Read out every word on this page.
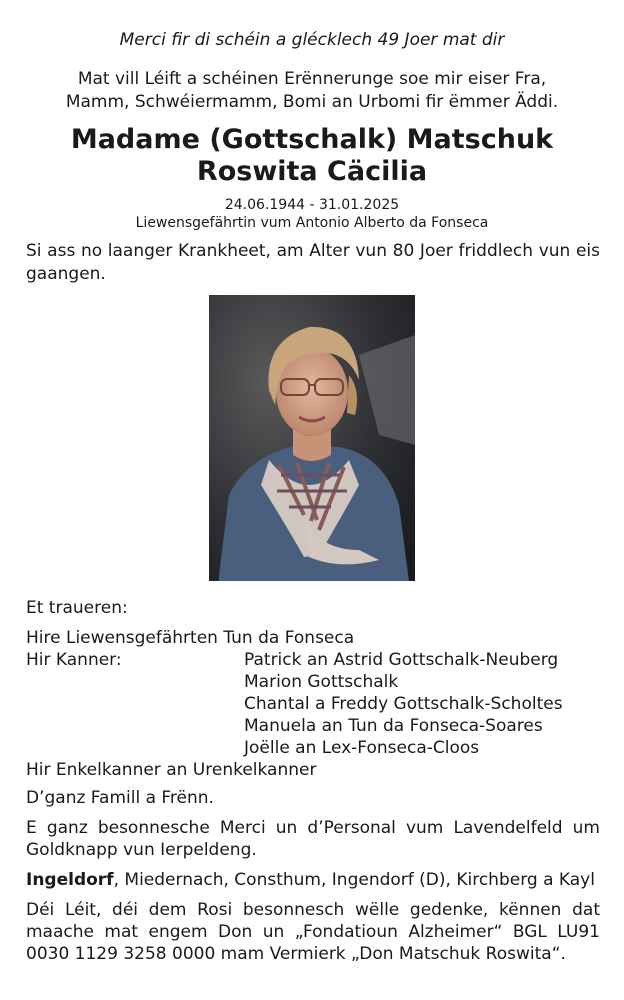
Merci fir di schéin a gléckl​ech 49 Joer mat dir
Mat vill Léift a schéinen Erënnerunge soe mir eiser Fra,
Mamm, Schwéiermamm, Bomi an Urbomi fir ëmmer Äddi.
Madame (Gottschalk) Matschuk
Roswita Cäcilia
24.06.1944 - 31.01.2025
Liewensgefährtin vum Antonio Alberto da Fonseca
Si ass no laanger Krankheet, am Alter vun 80 Joer friddlech vun eis gaangen.
Et traueren:
Hire Liewensgefährten Tun da Fonseca
Hir Kanner:	Patrick an Astrid Gottschalk-Neuberg
Marion Gottschalk
Chantal a Freddy Gottschalk-Scholtes
Manuela an Tun da Fonseca-Soares
Joëlle an Lex-Fonseca-Cloos
Hir Enkelkanner an Urenkelkanner
D’ganz Famill a Frënn.
E ganz besonnesche Merci un d’Personal vum Lavendelfeld um Goldknapp vun Ierpeldeng.
Ingeldorf, Miedernach, Consthum, Ingendorf (D), Kirchberg a Kayl
Déi Léit, déi dem Rosi besonnesch wëlle gedenke, kënnen dat maache mat engem Don un „Fondatioun Alzheimer“ BGL LU91 0030 1129 3258 0000 mam Vermierk „Don Matschuk Roswita“.
